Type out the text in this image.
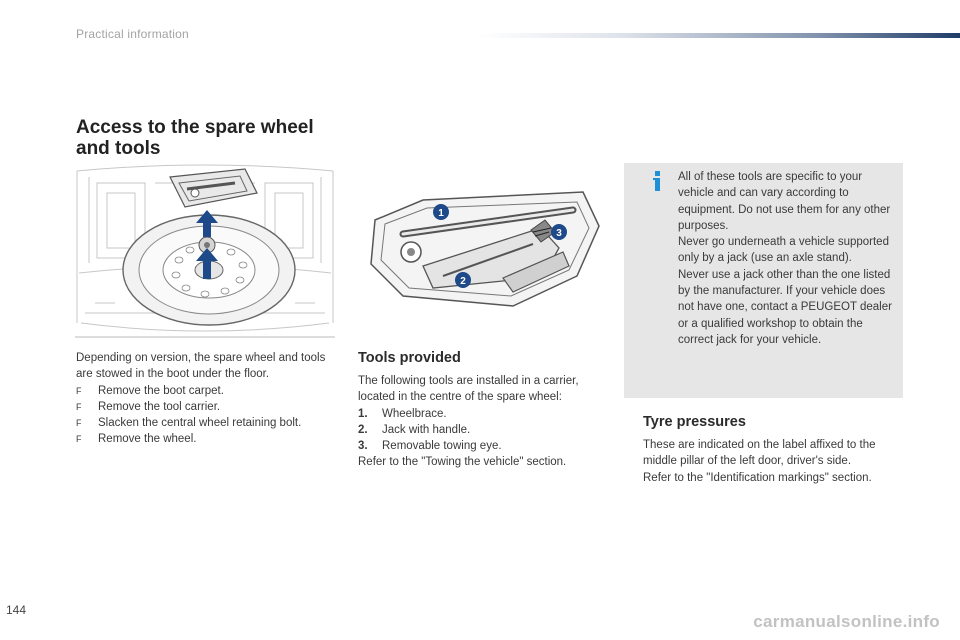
Practical information
Access to the spare wheel and tools
1
2
3

Depending on version, the spare wheel and tools are stowed in the boot under the floor.

F	Remove the boot carpet.
F	Remove the tool carrier.
F	Slacken the central wheel retaining bolt.
F	Remove the wheel.
Tools provided

The following tools are installed in a carrier, located in the centre of the spare wheel:

1.	Wheelbrace.
2.	Jack with handle.
3.	Removable towing eye.

Refer to the "Towing the vehicle" section.

All of these tools are specific to your vehicle and can vary according to equipment. Do not use them for any other purposes.

Never go underneath a vehicle supported only by a jack (use an axle stand).

Never use a jack other than the one listed by the manufacturer. If your vehicle does not have one, contact a PEUGEOT dealer or a qualified workshop to obtain the correct jack for your vehicle.

Tyre pressures

These are indicated on the label affixed to the middle pillar of the left door, driver's side.

Refer to the "Identification markings" section.

144
carmanualsonline.info
